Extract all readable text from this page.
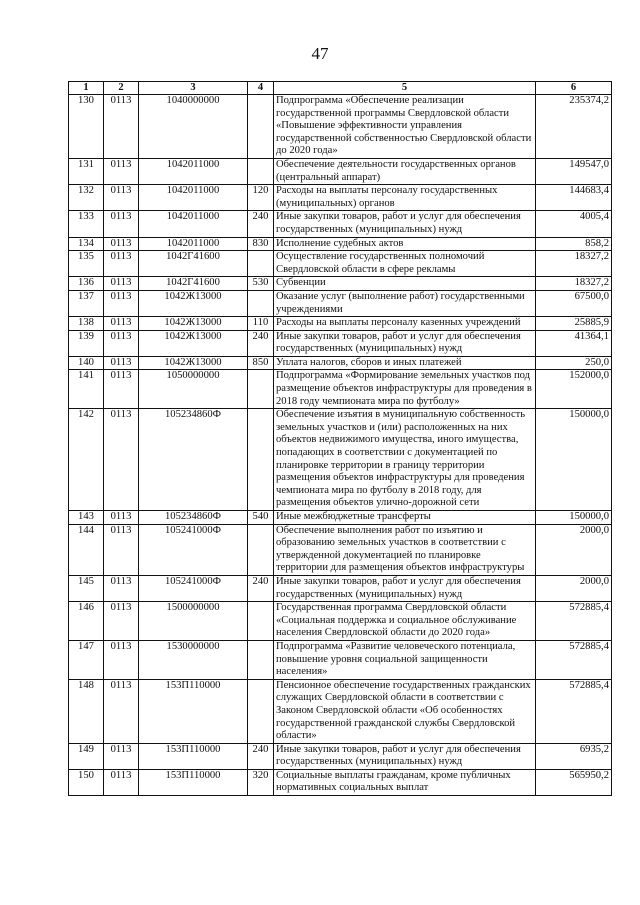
47
1	2	3	4	5	6
130	0113	1040000000		Подпрограмма «Обеспечение реализации государственной программы Свердловской области «Повышение эффективности управления государственной собственностью Свердловской области до 2020 года»	235374,2
131	0113	1042011000		Обеспечение деятельности государственных органов (центральный аппарат)	149547,0
132	0113	1042011000	120	Расходы на выплаты персоналу государственных (муниципальных) органов	144683,4
133	0113	1042011000	240	Иные закупки товаров, работ и услуг для обеспечения государственных (муниципальных) нужд	4005,4
134	0113	1042011000	830	Исполнение судебных актов	858,2
135	0113	1042Г41600		Осуществление государственных полномочий Свердловской области в сфере рекламы	18327,2
136	0113	1042Г41600	530	Субвенции	18327,2
137	0113	1042Ж13000		Оказание услуг (выполнение работ) государственными учреждениями	67500,0
138	0113	1042Ж13000	110	Расходы на выплаты персоналу казенных учреждений	25885,9
139	0113	1042Ж13000	240	Иные закупки товаров, работ и услуг для обеспечения государственных (муниципальных) нужд	41364,1
140	0113	1042Ж13000	850	Уплата налогов, сборов и иных платежей	250,0
141	0113	1050000000		Подпрограмма «Формирование земельных участков под размещение объектов инфраструктуры для проведения в 2018 году чемпионата мира по футболу»	152000,0
142	0113	105234860Ф		Обеспечение изъятия в муниципальную собственность земельных участков и (или) расположенных на них объектов недвижимого имущества, иного имущества, попадающих в соответствии с документацией по планировке территории в границу территории размещения объектов инфраструктуры для проведения чемпионата мира по футболу в 2018 году, для размещения объектов улично-дорожной сети	150000,0
143	0113	105234860Ф	540	Иные межбюджетные трансферты	150000,0
144	0113	105241000Ф		Обеспечение выполнения работ по изъятию и образованию земельных участков в соответствии с утвержденной документацией по планировке территории для размещения объектов инфраструктуры	2000,0
145	0113	105241000Ф	240	Иные закупки товаров, работ и услуг для обеспечения государственных (муниципальных) нужд	2000,0
146	0113	1500000000		Государственная программа Свердловской области «Социальная поддержка и социальное обслуживание населения Свердловской области до 2020 года»	572885,4
147	0113	1530000000		Подпрограмма «Развитие человеческого потенциала, повышение уровня социальной защищенности населения»	572885,4
148	0113	153П110000		Пенсионное обеспечение государственных гражданских служащих Свердловской области в соответствии с Законом Свердловской области «Об особенностях государственной гражданской службы Свердловской области»	572885,4
149	0113	153П110000	240	Иные закупки товаров, работ и услуг для обеспечения государственных (муниципальных) нужд	6935,2
150	0113	153П110000	320	Социальные выплаты гражданам, кроме публичных нормативных социальных выплат	565950,2
